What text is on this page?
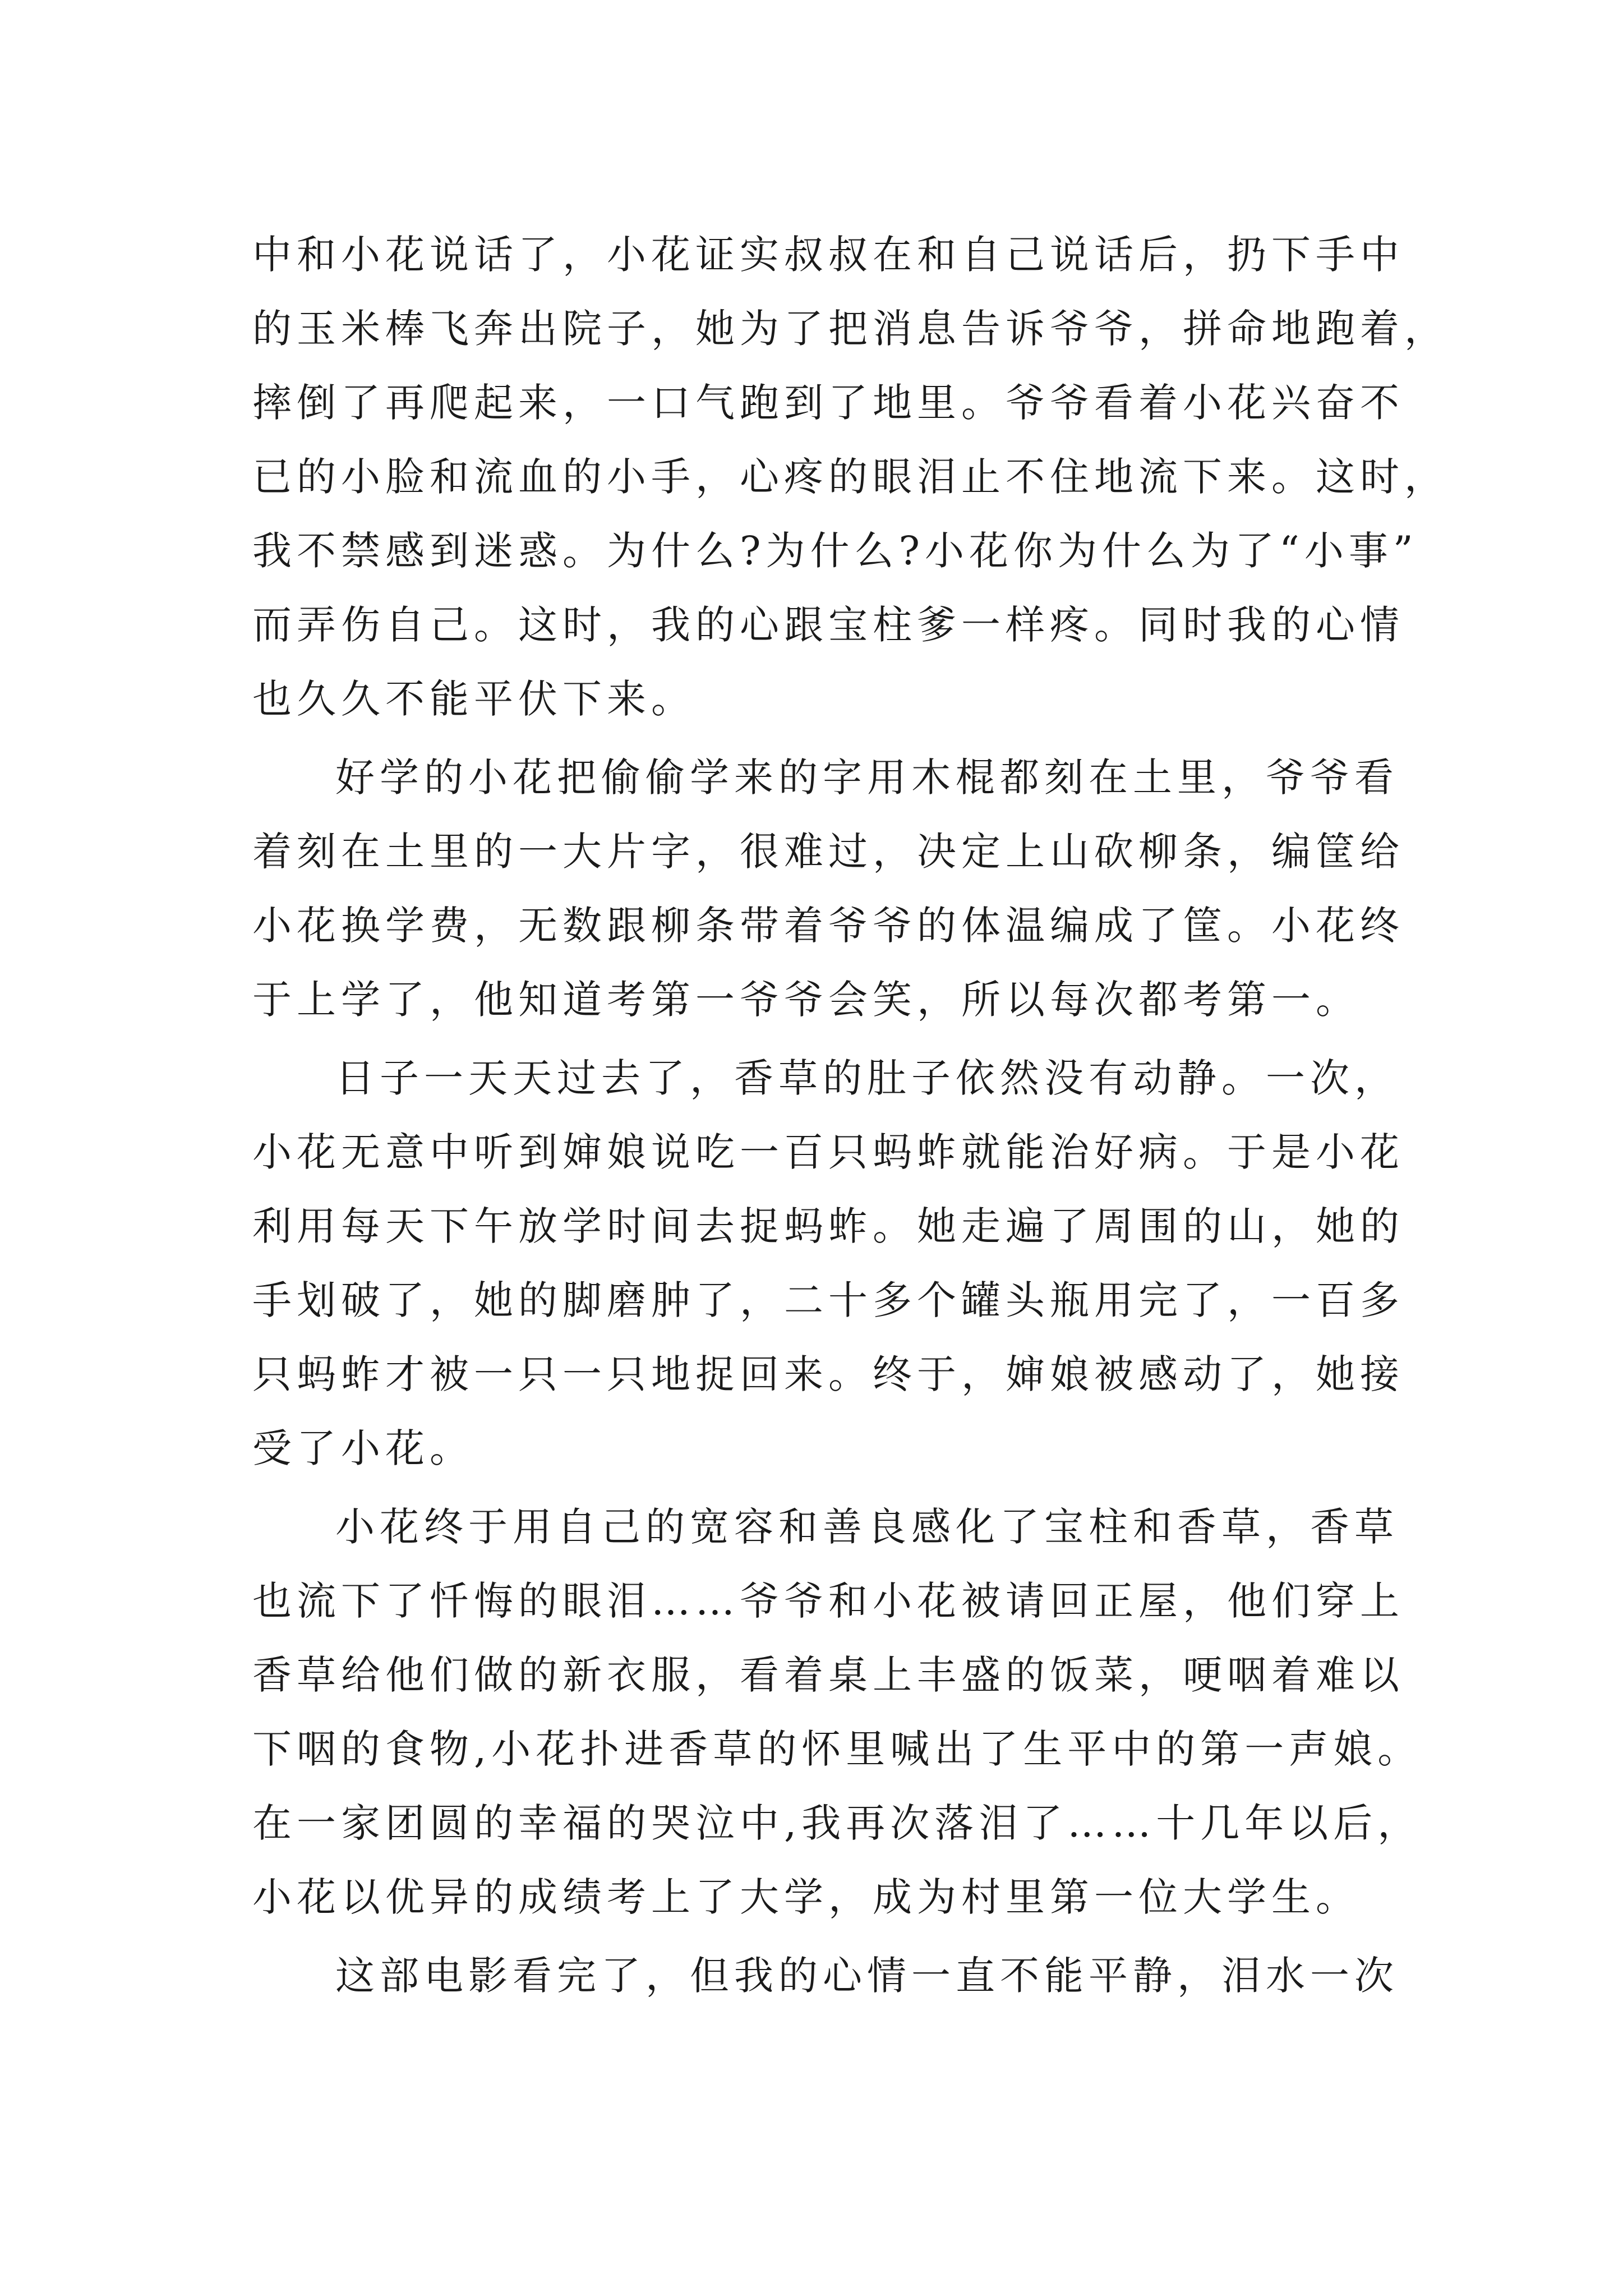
中和小花说话了，小花证实叔叔在和自己说话后，扔下手中
的玉米棒飞奔出院子，她为了把消息告诉爷爷，拼命地跑着，
摔倒了再爬起来，一口气跑到了地里。爷爷看着小花兴奋不
已的小脸和流血的小手，心疼的眼泪止不住地流下来。这时，
我不禁感到迷惑。为什么?为什么?小花你为什么为了“小事”
而弄伤自己。这时，我的心跟宝柱爹一样疼。同时我的心情
也久久不能平伏下来。
好学的小花把偷偷学来的字用木棍都刻在土里，爷爷看
着刻在土里的一大片字，很难过，决定上山砍柳条，编筐给
小花换学费，无数跟柳条带着爷爷的体温编成了筐。小花终
于上学了，他知道考第一爷爷会笑，所以每次都考第一。
日子一天天过去了，香草的肚子依然没有动静。一次，
小花无意中听到婶娘说吃一百只蚂蚱就能治好病。于是小花
利用每天下午放学时间去捉蚂蚱。她走遍了周围的山，她的
手划破了，她的脚磨肿了，二十多个罐头瓶用完了，一百多
只蚂蚱才被一只一只地捉回来。终于，婶娘被感动了，她接
受了小花。
小花终于用自己的宽容和善良感化了宝柱和香草，香草
也流下了忏悔的眼泪……爷爷和小花被请回正屋，他们穿上
香草给他们做的新衣服，看着桌上丰盛的饭菜，哽咽着难以
下咽的食物,小花扑进香草的怀里喊出了生平中的第一声娘。
在一家团圆的幸福的哭泣中,我再次落泪了……十几年以后，
小花以优异的成绩考上了大学，成为村里第一位大学生。
这部电影看完了，但我的心情一直不能平静，泪水一次
